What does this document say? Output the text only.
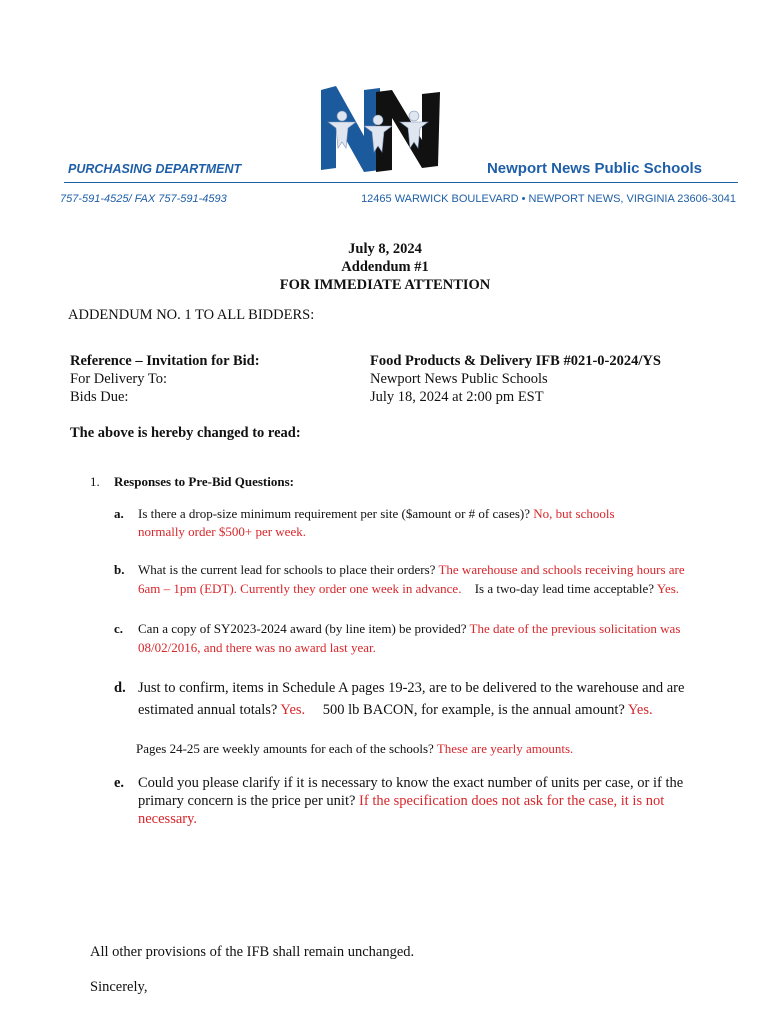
PURCHASING DEPARTMENT	Newport News Public Schools
757-591-4525/ FAX 757-591-4593	12465 WARWICK BOULEVARD • NEWPORT NEWS, VIRGINIA 23606-3041
July 8, 2024
Addendum #1
FOR IMMEDIATE ATTENTION
ADDENDUM NO. 1 TO ALL BIDDERS:
Reference – Invitation for Bid:	Food Products & Delivery IFB #021-0-2024/YS
For Delivery To:	Newport News Public Schools
Bids Due:	July 18, 2024 at 2:00 pm EST
The above is hereby changed to read:
1. Responses to Pre-Bid Questions:
a. Is there a drop-size minimum requirement per site ($amount or # of cases)? No, but schools
normally order $500+ per week.
b. What is the current lead for schools to place their orders? The warehouse and schools receiving hours are
6am – 1pm (EDT). Currently they order one week in advance. Is a two-day lead time acceptable? Yes.
c. Can a copy of SY2023-2024 award (by line item) be provided? The date of the previous solicitation was
08/02/2016, and there was no award last year.
d. Just to confirm, items in Schedule A pages 19-23, are to be delivered to the warehouse and are
estimated annual totals? Yes. 500 lb BACON, for example, is the annual amount? Yes.
Pages 24-25 are weekly amounts for each of the schools? These are yearly amounts.
e. Could you please clarify if it is necessary to know the exact number of units per case, or if the
primary concern is the price per unit? If the specification does not ask for the case, it is not
necessary.
All other provisions of the IFB shall remain unchanged.
Sincerely,
